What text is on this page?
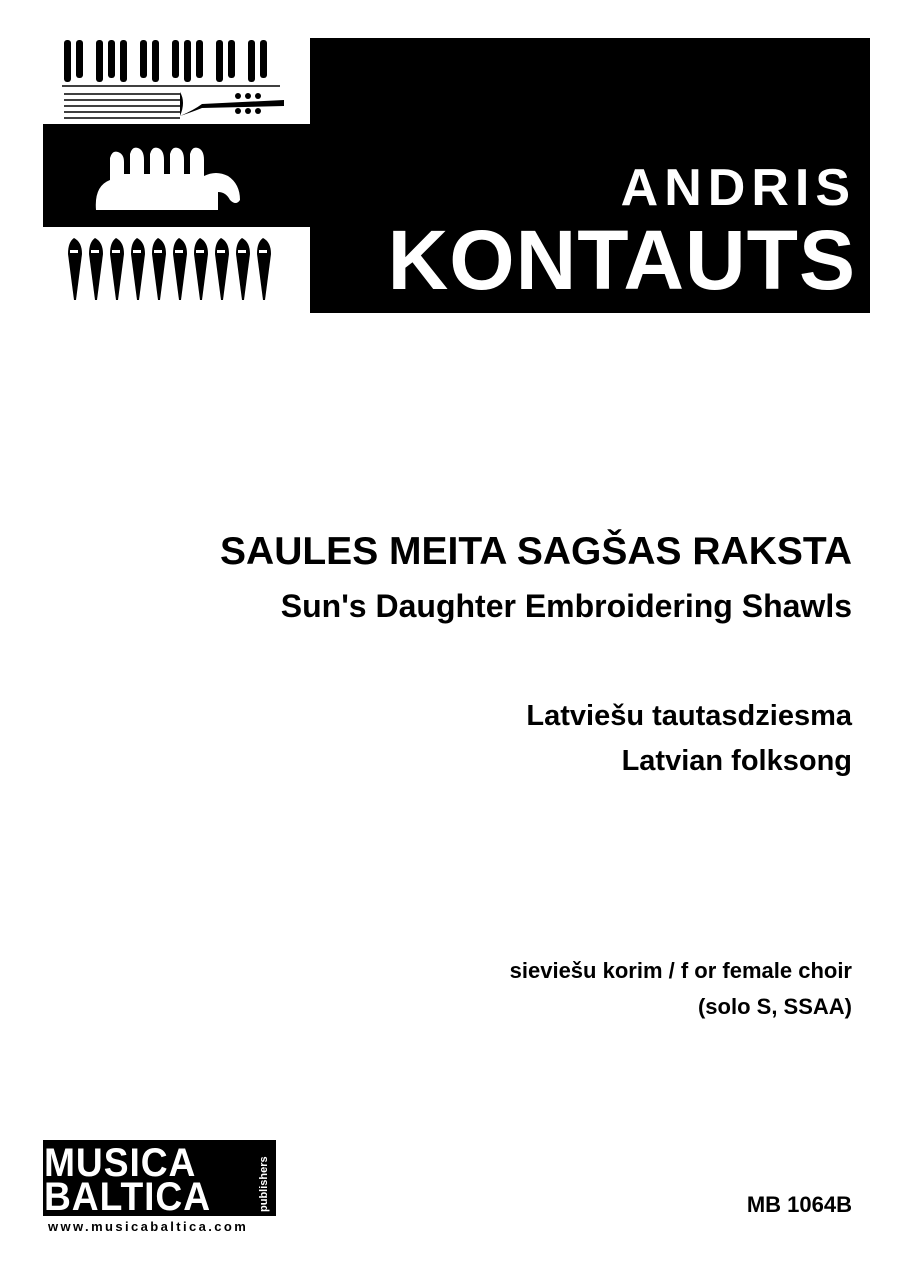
ANDRIS
KONTAUTS
SAULES MEITA SAGŠAS RAKSTA
Sun's Daughter Embroidering Shawls
Latviešu tautasdziesma
Latvian folksong
sieviešu korim / f or female choir
(solo S, SSAA)
MUSICA
BALTICA	publishers
www.musicabaltica.com
MB 1064B
